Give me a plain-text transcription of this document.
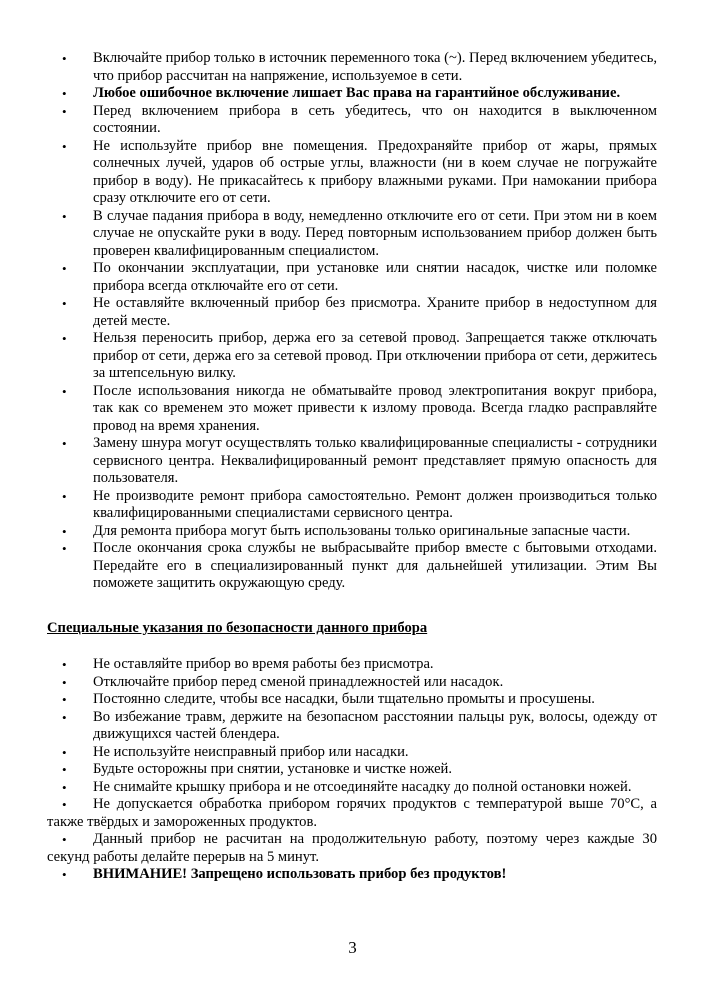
• Включайте прибор только в источник переменного тока (~). Перед включением убедитесь, что прибор рассчитан на напряжение, используемое в сети.
• Любое ошибочное включение лишает Вас права на гарантийное обслуживание.
• Перед включением прибора в сеть убедитесь, что он находится в выключенном состоянии.
• Не используйте прибор вне помещения. Предохраняйте прибор от жары, прямых солнечных лучей, ударов об острые углы, влажности (ни в коем случае не погружайте прибор в воду). Не прикасайтесь к прибору влажными руками. При намокании прибора сразу отключите его от сети.
• В случае падания прибора в воду, немедленно отключите его от сети. При этом ни в коем случае не опускайте руки в воду. Перед повторным использованием прибор должен быть проверен квалифицированным специалистом.
• По окончании эксплуатации, при установке или снятии насадок, чистке или поломке прибора всегда отключайте его от сети.
• Не оставляйте включенный прибор без присмотра. Храните прибор в недоступном для детей месте.
• Нельзя переносить прибор, держа его за сетевой провод. Запрещается также отключать прибор от сети, держа его за сетевой провод. При отключении прибора от сети, держитесь за штепсельную вилку.
• После использования никогда не обматывайте провод электропитания вокруг прибора, так как со временем это может привести к излому провода. Всегда гладко расправляйте провод на время хранения.
• Замену шнура могут осуществлять только квалифицированные специалисты - сотрудники сервисного центра. Неквалифицированный ремонт представляет прямую опасность для пользователя.
• Не производите ремонт прибора самостоятельно. Ремонт должен производиться только квалифицированными специалистами сервисного центра.
• Для ремонта прибора могут быть использованы только оригинальные запасные части.
• После окончания срока службы не выбрасывайте прибор вместе с бытовыми отходами. Передайте его в специализированный пункт для дальнейшей утилизации. Этим Вы поможете защитить окружающую среду.
Специальные указания по безопасности данного прибора
• Не оставляйте прибор во время работы без присмотра.
• Отключайте прибор перед сменой принадлежностей или насадок.
• Постоянно следите, чтобы все насадки, были тщательно промыты и просушены.
• Во избежание травм, держите на безопасном расстоянии пальцы рук, волосы, одежду от движущихся частей блендера.
• Не используйте неисправный прибор или насадки.
• Будьте осторожны при снятии, установке и чистке ножей.
• Не снимайте крышку прибора и не отсоединяйте насадку до полной остановки ножей.
•	Не допускается обработка прибором горячих продуктов с температурой выше 70°С, а также твёрдых и замороженных продуктов.
•	Данный прибор не расчитан на продолжительную работу, поэтому через каждые 30 секунд работы делайте перерыв на 5 минут.
• ВНИМАНИЕ! Запрещено использовать прибор без продуктов!
3
